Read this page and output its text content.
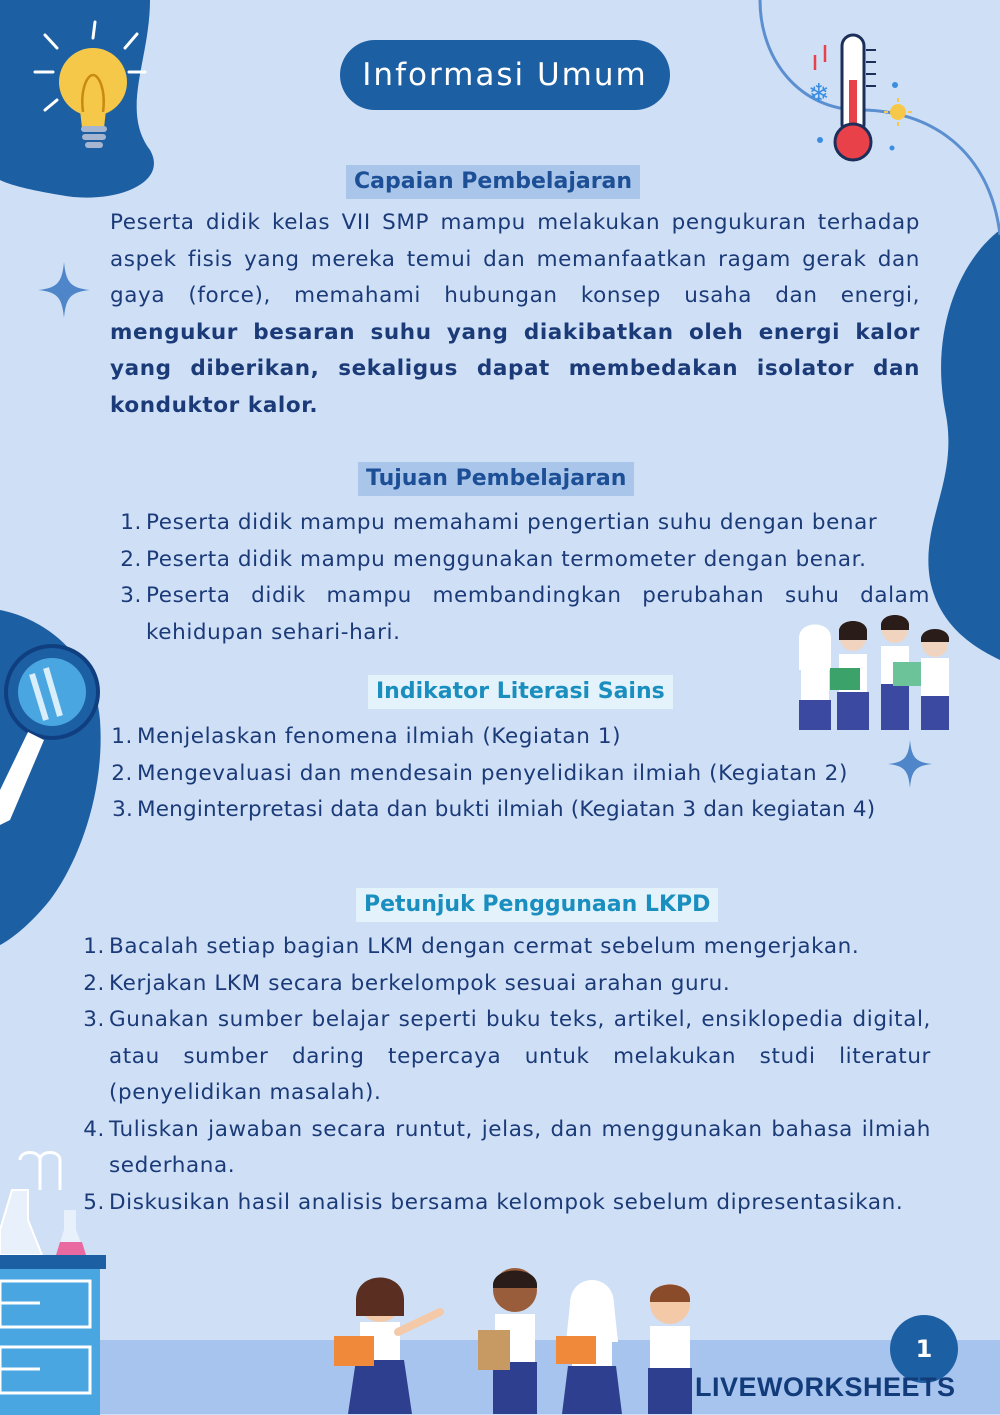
❄
Informasi Umum
Capaian Pembelajaran

Peserta didik kelas VII SMP mampu melakukan pengukuran terhadap aspek fisis yang mereka temui dan memanfaatkan ragam gerak dan gaya (force), memahami hubungan konsep usaha dan energi, mengukur besaran suhu yang diakibatkan oleh energi kalor yang diberikan, sekaligus dapat membedakan isolator dan konduktor kalor.

Tujuan Pembelajaran
1. Peserta didik mampu memahami pengertian suhu dengan benar
2. Peserta didik mampu menggunakan termometer dengan benar.
3. Peserta didik mampu membandingkan perubahan suhu dalam kehidupan sehari-hari.
Indikator Literasi Sains
1. Menjelaskan fenomena ilmiah (Kegiatan 1)
2. Mengevaluasi dan mendesain penyelidikan ilmiah (Kegiatan 2)
3. Menginterpretasi data dan bukti ilmiah (Kegiatan 3 dan kegiatan 4)
Petunjuk Penggunaan LKPD
1. Bacalah setiap bagian LKM dengan cermat sebelum mengerjakan.
2. Kerjakan LKM secara berkelompok sesuai arahan guru.
3. Gunakan sumber belajar seperti buku teks, artikel, ensiklopedia digital, atau sumber daring tepercaya untuk melakukan studi literatur (penyelidikan masalah).
4. Tuliskan jawaban secara runtut, jelas, dan menggunakan bahasa ilmiah sederhana.
5. Diskusikan hasil analisis bersama kelompok sebelum dipresentasikan.
1
LIVEWORKSHEETS
